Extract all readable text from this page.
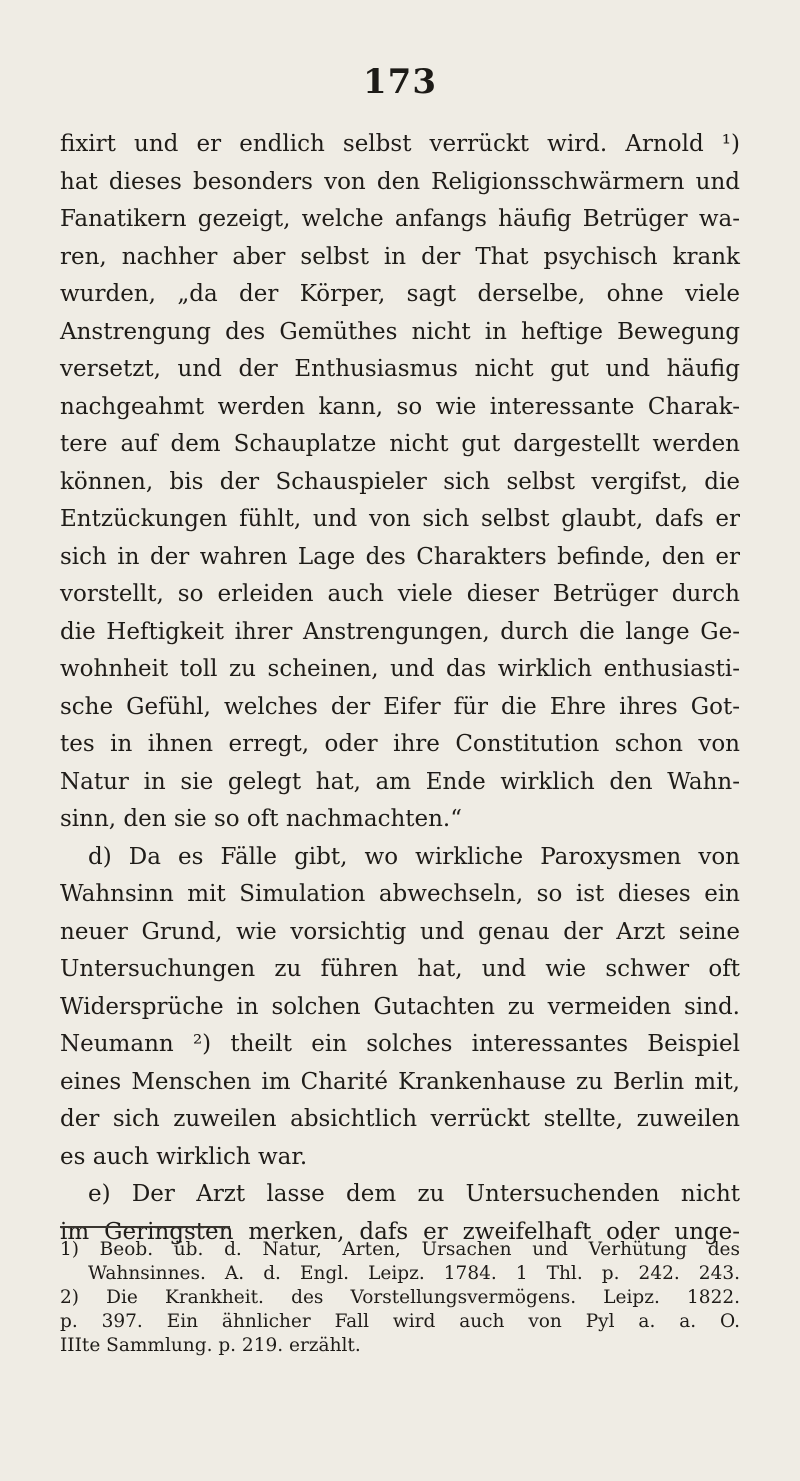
173
fixirt und er endlich selbst verrückt wird. Arnold ¹)
hat dieses besonders von den Religionsschwärmern und
Fanatikern gezeigt, welche anfangs häufig Betrüger wa-
ren, nachher aber selbst in der That psychisch krank
wurden, „da der Körper, sagt derselbe, ohne viele
Anstrengung des Gemüthes nicht in heftige Bewegung
versetzt, und der Enthusiasmus nicht gut und häufig
nachgeahmt werden kann, so wie interessante Charak-
tere auf dem Schauplatze nicht gut dargestellt werden
können, bis der Schauspieler sich selbst vergifst, die
Entzückungen fühlt, und von sich selbst glaubt, dafs er
sich in der wahren Lage des Charakters befinde, den er
vorstellt, so erleiden auch viele dieser Betrüger durch
die Heftigkeit ihrer Anstrengungen, durch die lange Ge-
wohnheit toll zu scheinen, und das wirklich enthusiasti-
sche Gefühl, welches der Eifer für die Ehre ihres Got-
tes in ihnen erregt, oder ihre Constitution schon von
Natur in sie gelegt hat, am Ende wirklich den Wahn-
sinn, den sie so oft nachmachten.“
d) Da es Fälle gibt, wo wirkliche Paroxysmen von
Wahnsinn mit Simulation abwechseln, so ist dieses ein
neuer Grund, wie vorsichtig und genau der Arzt seine
Untersuchungen zu führen hat, und wie schwer oft
Widersprüche in solchen Gutachten zu vermeiden sind.
Neumann ²) theilt ein solches interessantes Beispiel
eines Menschen im Charité Krankenhause zu Berlin mit,
der sich zuweilen absichtlich verrückt stellte, zuweilen
es auch wirklich war.
e) Der Arzt lasse dem zu Untersuchenden nicht
im Geringsten merken, dafs er zweifelhaft oder unge-
1) Beob. üb. d. Natur, Arten, Ursachen und Verhütung des
Wahnsinnes. A. d. Engl. Leipz. 1784. 1 Thl. p. 242. 243.
2) Die Krankheit. des Vorstellungsvermögens. Leipz. 1822.
p. 397. Ein ähnlicher Fall wird auch von Pyl a. a. O.
IIIte Sammlung. p. 219. erzählt.
